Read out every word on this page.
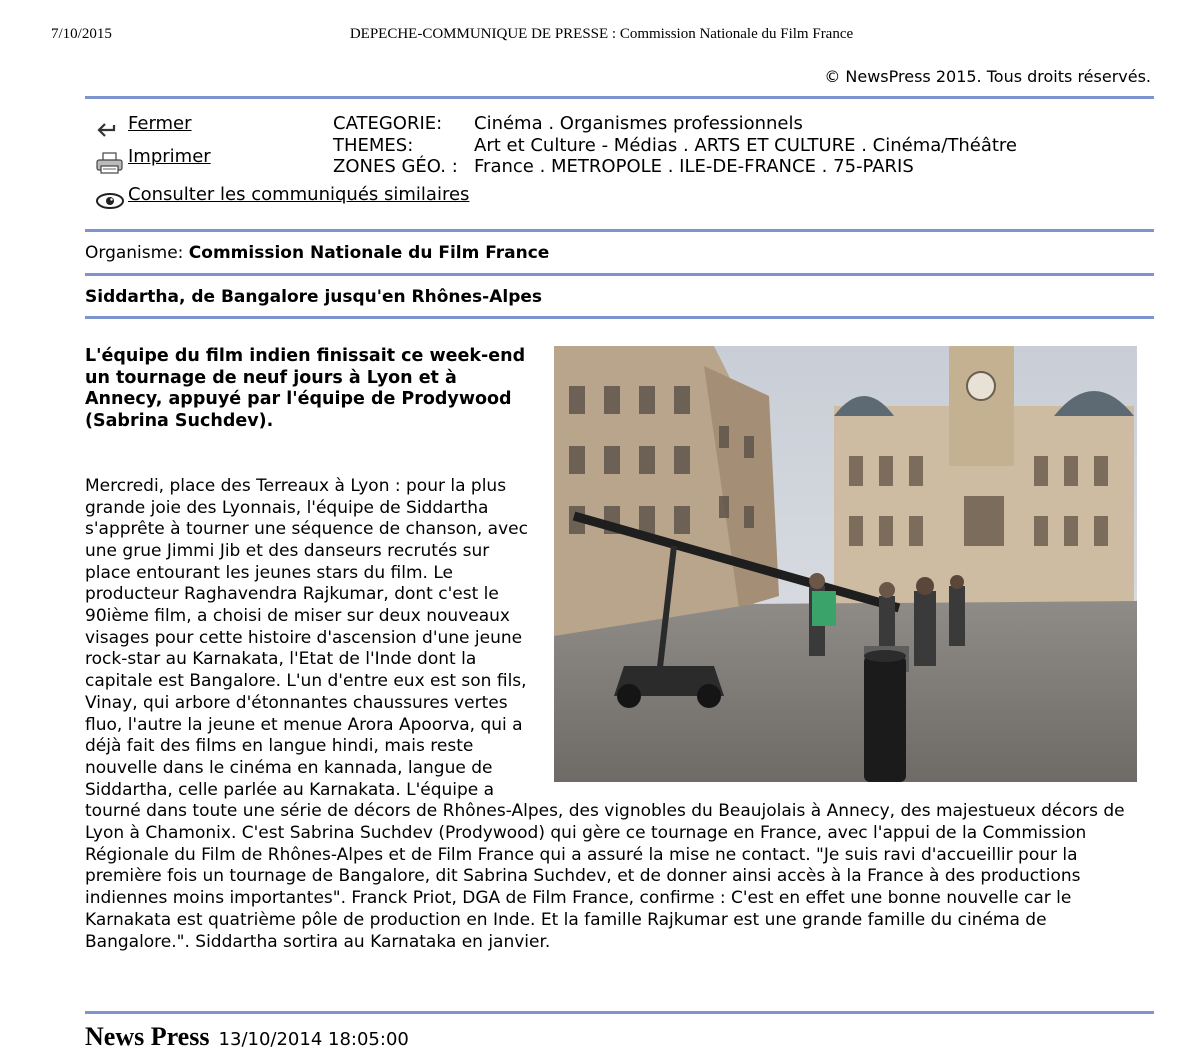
7/10/2015	DEPECHE-COMMUNIQUE DE PRESSE : Commission Nationale du Film France
© NewsPress 2015. Tous droits réservés.
Fermer
Imprimer
Consulter les communiqués similaires
CATEGORIE:	Cinéma . Organismes professionnels
THEMES:	Art et Culture - Médias . ARTS ET CULTURE . Cinéma/Théâtre
ZONES GÉO. : France . METROPOLE . ILE-DE-FRANCE . 75-PARIS
Organisme: Commission Nationale du Film France
Siddartha, de Bangalore jusqu'en Rhônes-Alpes

L'équipe du film indien finissait ce week-end un tournage de neuf jours à Lyon et à Annecy, appuyé par l'équipe de Prodywood (Sabrina Suchdev).

Mercredi, place des Terreaux à Lyon : pour la plus grande joie des Lyonnais, l'équipe de Siddartha s'apprête à tourner une séquence de chanson, avec une grue Jimmi Jib et des danseurs recrutés sur place entourant les jeunes stars du film. Le producteur Raghavendra Rajkumar, dont c'est le 90ième film, a choisi de miser sur deux nouveaux visages pour cette histoire d'ascension d'une jeune rock-star au Karnakata, l'Etat de l'Inde dont la capitale est Bangalore. L'un d'entre eux est son fils, Vinay, qui arbore d'étonnantes chaussures vertes fluo, l'autre la jeune et menue Arora Apoorva, qui a déjà fait des films en langue hindi, mais reste nouvelle dans le cinéma en kannada, langue de Siddartha, celle parlée au Karnakata. L'équipe a tourné dans toute une série de décors de Rhônes-Alpes, des vignobles du Beaujolais à Annecy, des majestueux décors de Lyon à Chamonix. C'est Sabrina Suchdev (Prodywood) qui gère ce tournage en France, avec l'appui de la Commission Régionale du Film de Rhônes-Alpes et de Film France qui a assuré la mise ne contact. "Je suis ravi d'accueillir pour la première fois un tournage de Bangalore, dit Sabrina Suchdev, et de donner ainsi accès à la France à des productions indiennes moins importantes". Franck Priot, DGA de Film France, confirme : C'est en effet une bonne nouvelle car le Karnakata est quatrième pôle de production en Inde. Et la famille Rajkumar est une grande famille du cinéma de Bangalore.". Siddartha sortira au Karnataka en janvier.

News Press 13/10/2014 18:05:00
